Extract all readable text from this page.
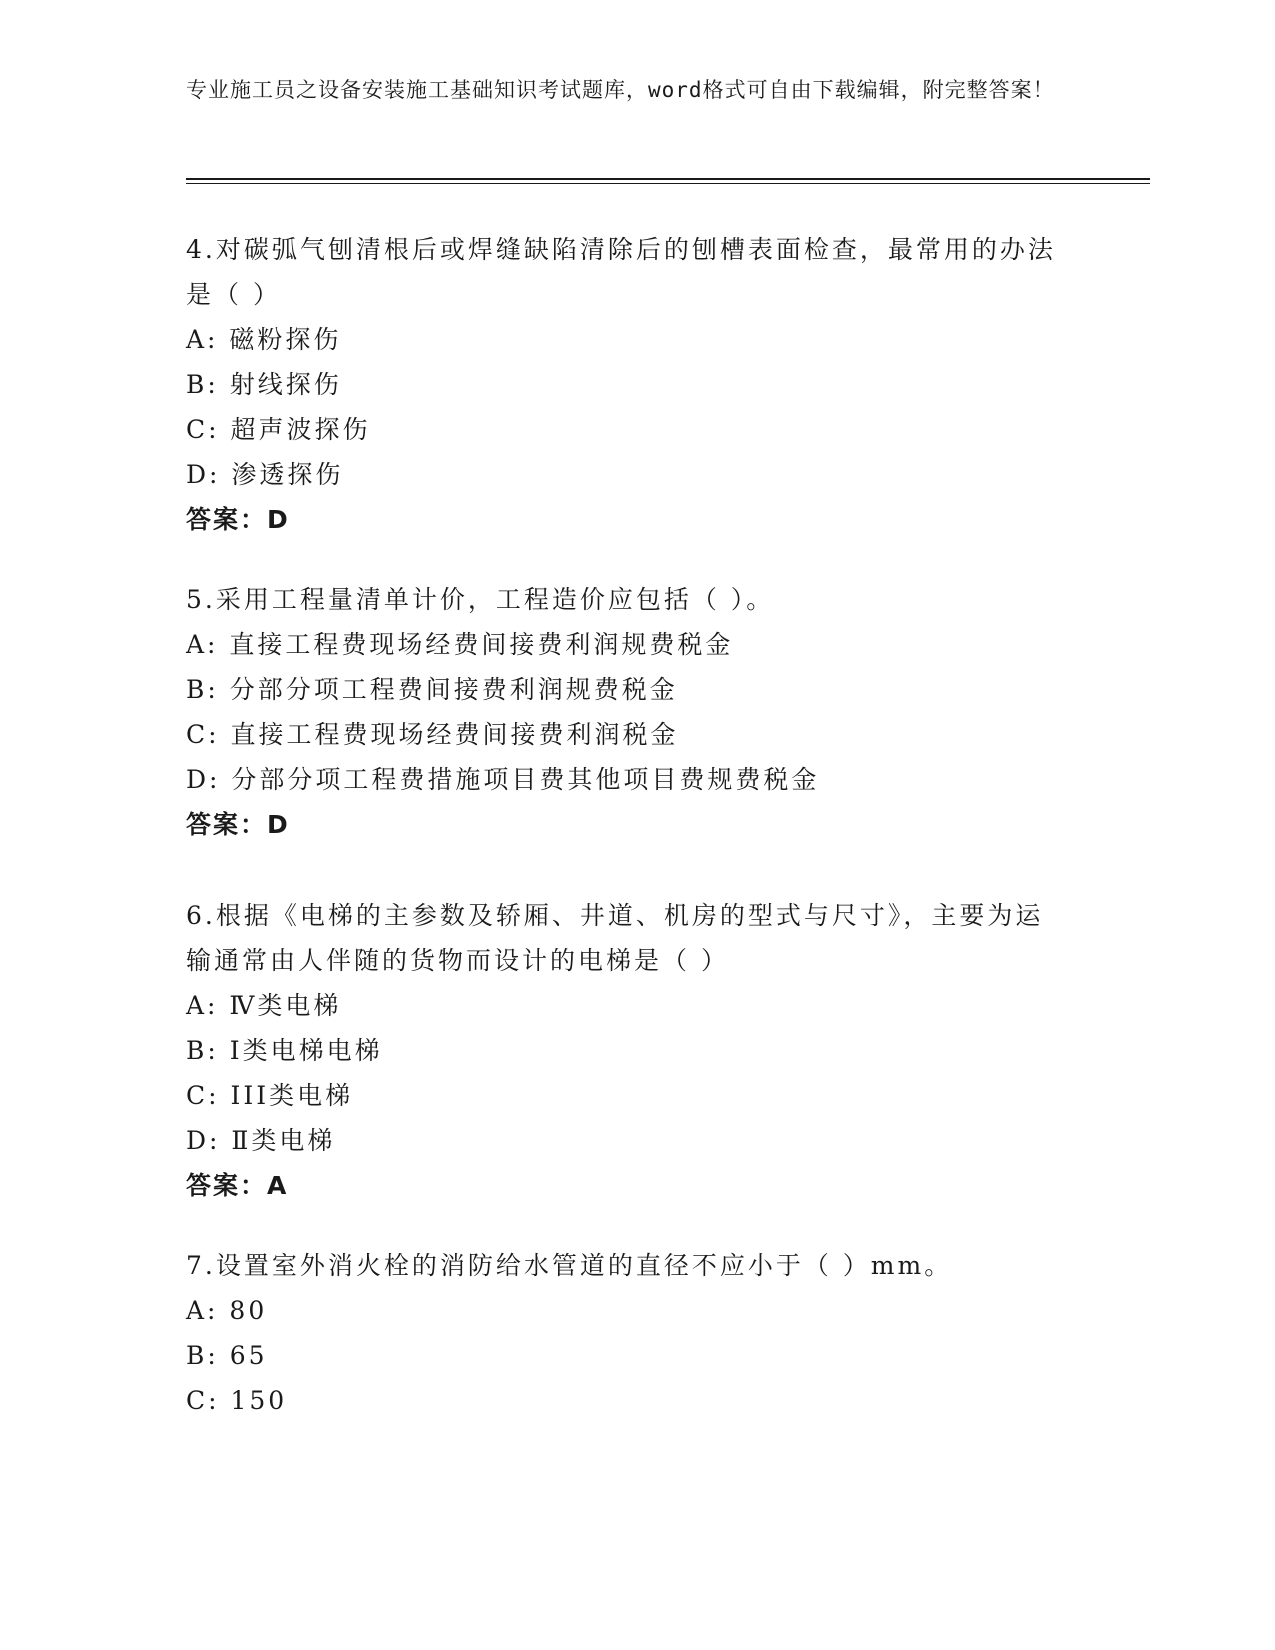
专业施工员之设备安装施工基础知识考试题库，word格式可自由下载编辑，附完整答案！

4.对碳弧气刨清根后或焊缝缺陷清除后的刨槽表面检查，最常用的办法是（ ）

A: 磁粉探伤

B: 射线探伤

C: 超声波探伤

D: 渗透探伤

答案：D

5.采用工程量清单计价，工程造价应包括（ ）。

A: 直接工程费现场经费间接费利润规费税金

B: 分部分项工程费间接费利润规费税金

C: 直接工程费现场经费间接费利润税金

D: 分部分项工程费措施项目费其他项目费规费税金

答案：D

6.根据《电梯的主参数及轿厢、井道、机房的型式与尺寸》，主要为运输通常由人伴随的货物而设计的电梯是（ ）

A: Ⅳ类电梯

B: Ⅰ类电梯电梯

C: III类电梯

D: Ⅱ类电梯

答案：A

7.设置室外消火栓的消防给水管道的直径不应小于（ ）mm。

A: 80

B: 65

C: 150
